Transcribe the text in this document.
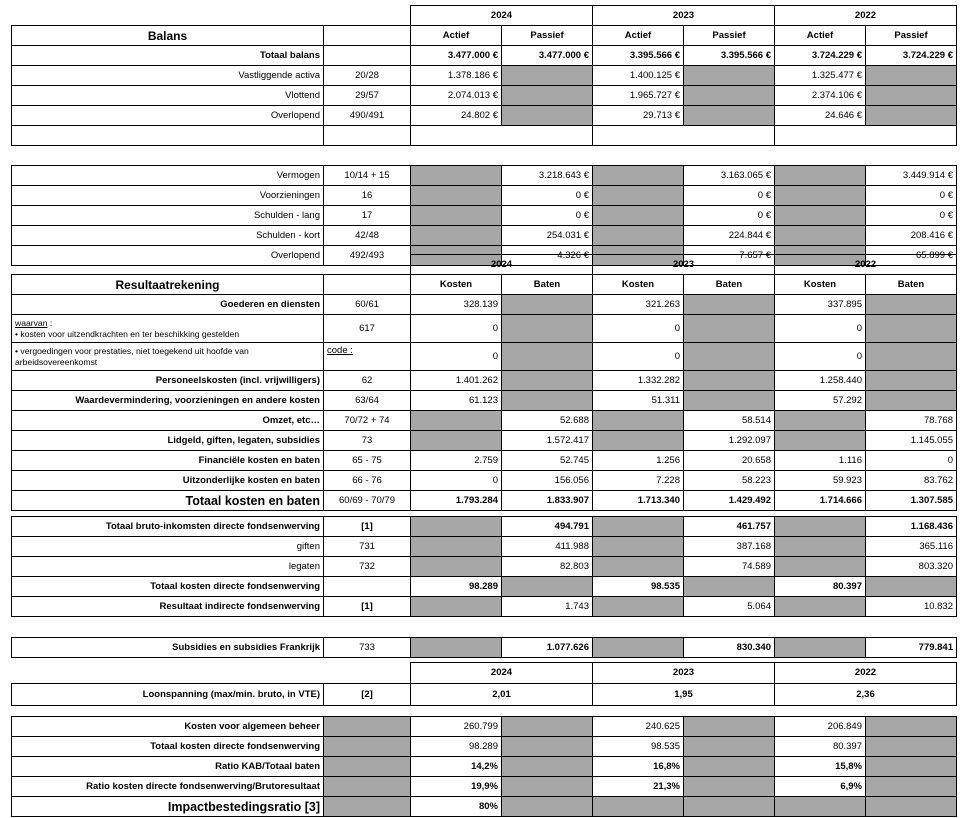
		2024		2023		2022	
Balans		Actief	Passief	Actief	Passief	Actief	Passief
Totaal balans		3.477.000 €	3.477.000 €	3.395.566 €	3.395.566 €	3.724.229 €	3.724.229 €
Vastliggende activa	20/28	1.378.186 €		1.400.125 €		1.325.477 €	
Vlottend	29/57	2.074.013 €		1.965.727 €		2.374.106 €	
Overlopend	490/491	24.802 €		29.713 €		24.646 €	

Vermogen	10/14 + 15		3.218.643 €		3.163.065 €		3.449.914 €
Voorzieningen	16		0 €		0 €		0 €
Schulden - lang	17		0 €		0 €		0 €
Schulden - kort	42/48		254.031 €		224.844 €		208.416 €
Overlopend	492/493		4.326 €		7.657 €		65.899 €
		2024		2023		2022	
Resultaatrekening		Kosten	Baten	Kosten	Baten	Kosten	Baten
Goederen en diensten	60/61	328.139		321.263		337.895	
waarvan :
• kosten voor uitzendkrachten en ter beschikking gestelden	617	0		0		0	
• vergoedingen voor prestaties, niet toegekend uit hoofde van arbeidsovereenkomst	code :	0		0		0	
Personeelskosten (incl. vrijwilligers)	62	1.401.262		1.332.282		1.258.440	
Waardevermindering, voorzieningen en andere kosten	63/64	61.123		51.311		57.292	
Omzet, etc…	70/72 + 74		52.688		58.514		78.768
Lidgeld, giften, legaten, subsidies	73		1.572.417		1.292.097		1.145.055
Financiële kosten en baten	65 - 75	2.759	52.745	1.256	20.658	1.116	0
Uitzonderlijke kosten en baten	66 - 76	0	156.056	7.228	58.223	59.923	83.762
Totaal kosten en baten	60/69 - 70/79	1.793.284	1.833.907	1.713.340	1.429.492	1.714.666	1.307.585
Totaal bruto-inkomsten directe fondsenwerving	[1]		494.791		461.757		1.168.436
giften	731		411.988		387.168		365.116
legaten	732		82.803		74.589		803.320
Totaal kosten directe fondsenwerving		98.289		98.535		80.397	
Resultaat indirecte fondsenwerving	[1]		1.743		5.064		10.832
Subsidies en subsidies Frankrijk	733		1.077.626		830.340		779.841
		2024	2023	2022
Loonspanning (max/min. bruto, in VTE)	[2]	2,01	1,95	2,36
Kosten voor algemeen beheer		260.799		240.625		206.849	
Totaal kosten directe fondsenwerving		98.289		98.535		80.397	
Ratio KAB/Totaal baten		14,2%		16,8%		15,8%	
Ratio kosten directe fondsenwerving/Brutoresultaat		19,9%		21,3%		6,9%	
Impactbestedingsratio [3]		80%					
